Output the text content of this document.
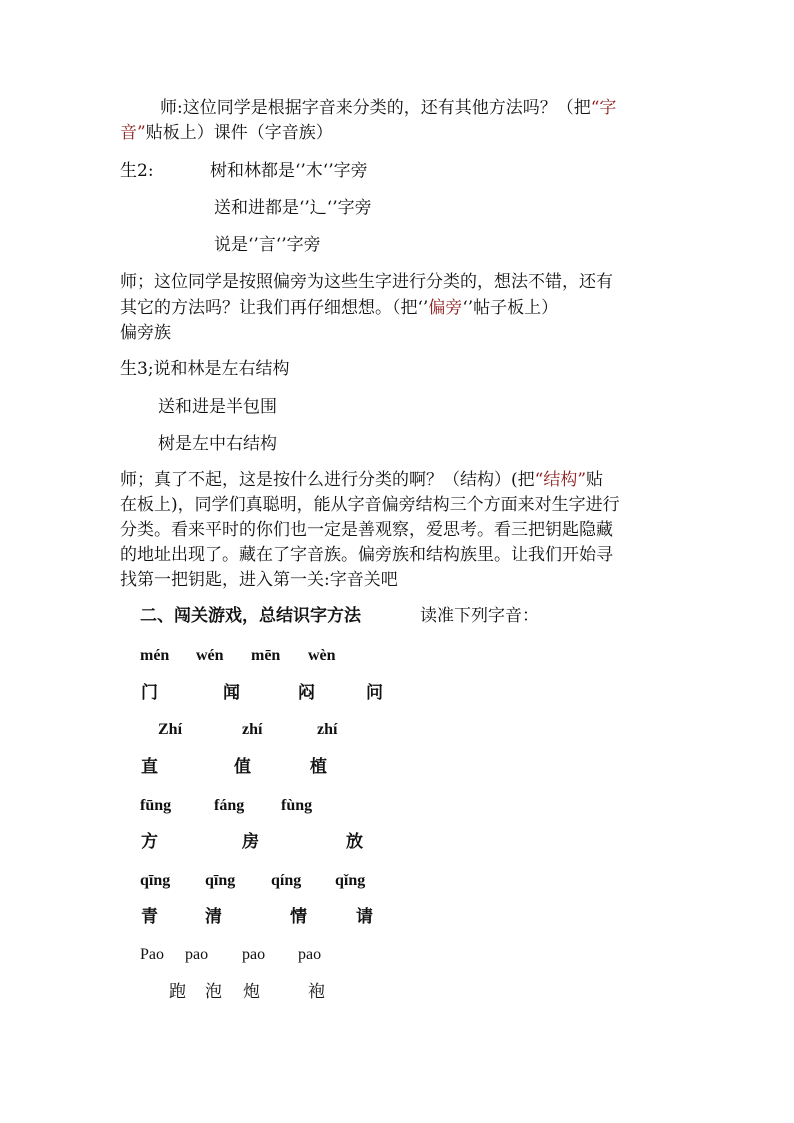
师:这位同学是根据字音来分类的，还有其他方法吗？（把“字
音”贴板上）课件（字音族）
生2:	树和林都是‘’木‘’字旁
送和进都是‘’辶‘’字旁
说是‘’言‘’字旁
师；这位同学是按照偏旁为这些生字进行分类的，想法不错，还有
其它的方法吗？让我们再仔细想想。（把‘’偏旁‘’帖子板上）
偏旁族
生3;说和林是左右结构
送和进是半包围
树是左中右结构
师；真了不起，这是按什么进行分类的啊？（结构）(把“结构”贴
在板上)，同学们真聪明，能从字音偏旁结构三个方面来对生字进行
分类。看来平时的你们也一定是善观察，爱思考。看三把钥匙隐藏
的地址出现了。藏在了字音族。偏旁族和结构族里。让我们开始寻
找第一把钥匙，进入第一关:字音关吧
二、闯关游戏，总结识字方法	读准下列字音：
mén wén mēn wèn
门	闻	闷	问
Zhí	zhí	zhí
直	值	植
fūng	fáng fùng
方	房	放
qīng qīng qíng qǐng
青	清	情	请
Pao pao pao pao
跑 泡 炮	袍
